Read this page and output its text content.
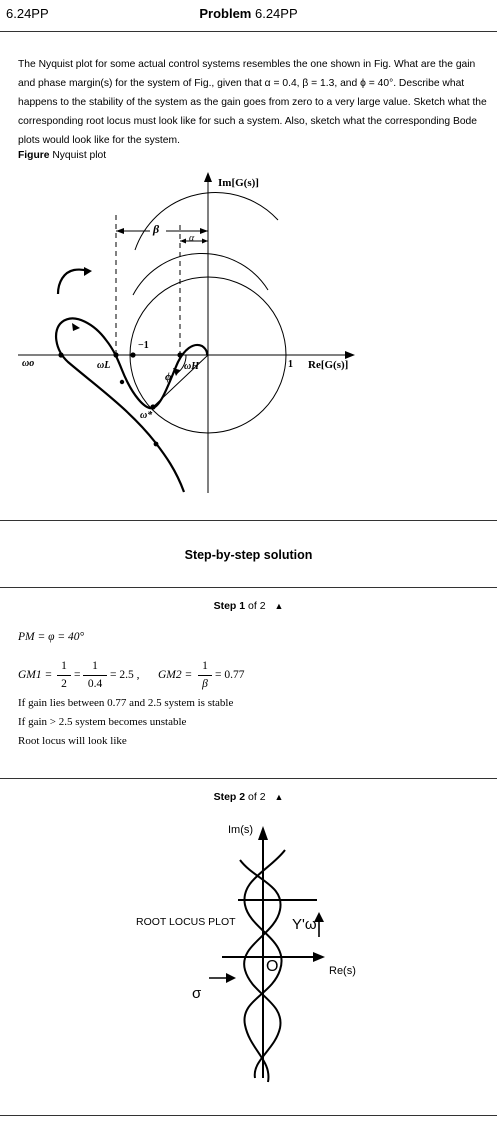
6.24PP	Problem 6.24PP
The Nyquist plot for some actual control systems resembles the one shown in Fig. What are the gain and phase margin(s) for the system of Fig., given that α = 0.4, β = 1.3, and ϕ = 40°. Describe what happens to the stability of the system as the gain goes from zero to a very large value. Sketch what the corresponding root locus must look like for such a system. Also, sketch what the corresponding Bode plots would look like for the system.
Figure Nyquist plot
Im[G(s)]
Re[G(s)]
β
α
−1
1
ϕ
ωo	ωL	ωH
ω*
Step-by-step solution
Step 1 of 2 ▲
PM = φ = 40°
GM1 =
1
2
=
1
0.4
= 2.5 , GM2 =
1
β
= 0.77
If gain lies between 0.77 and 2.5 system is stable
If gain > 2.5 system becomes unstable
Root locus will look like
Step 2 of 2 ▲
Im(s)
Re(s)
ROOT LOCUS PLOT	Y'ω
σ
O
